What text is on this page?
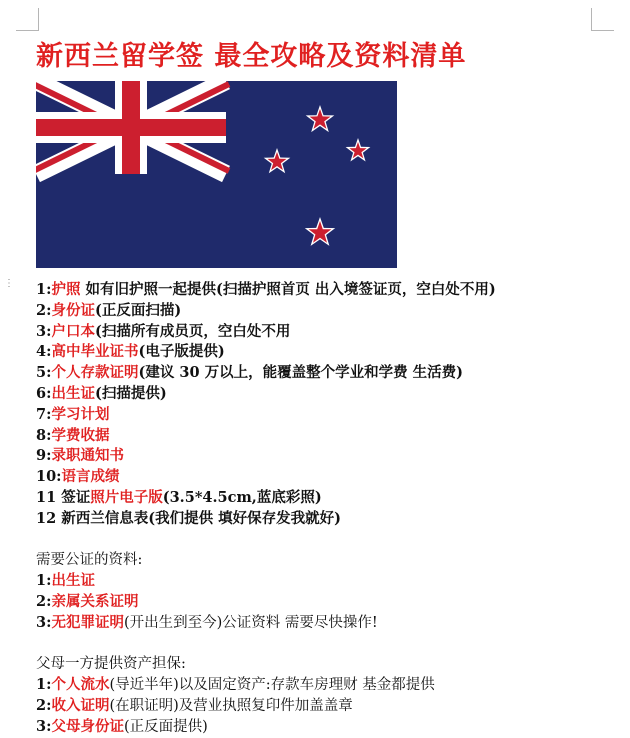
⋮
新西兰留学签 最全攻略及资料清单
1:护照 如有旧护照一起提供(扫描护照首页 出入境签证页，空白处不用)
2:身份证(正反面扫描)
3:户口本(扫描所有成员页，空白处不用
4:高中毕业证书(电子版提供)
5:个人存款证明(建议 30 万以上，能覆盖整个学业和学费 生活费)
6:出生证(扫描提供)
7:学习计划
8:学费收据
9:录职通知书
10:语言成绩
11 签证照片电子版(3.5*4.5cm,蓝底彩照)
12 新西兰信息表(我们提供 填好保存发我就好)
需要公证的资料:
1:出生证
2:亲属关系证明
3:无犯罪证明(开出生到至今)公证资料 需要尽快操作!
父母一方提供资产担保:
1:个人流水(导近半年)以及固定资产:存款车房理财 基金都提供
2:收入证明(在职证明)及营业执照复印件加盖盖章
3:父母身份证(正反面提供)
